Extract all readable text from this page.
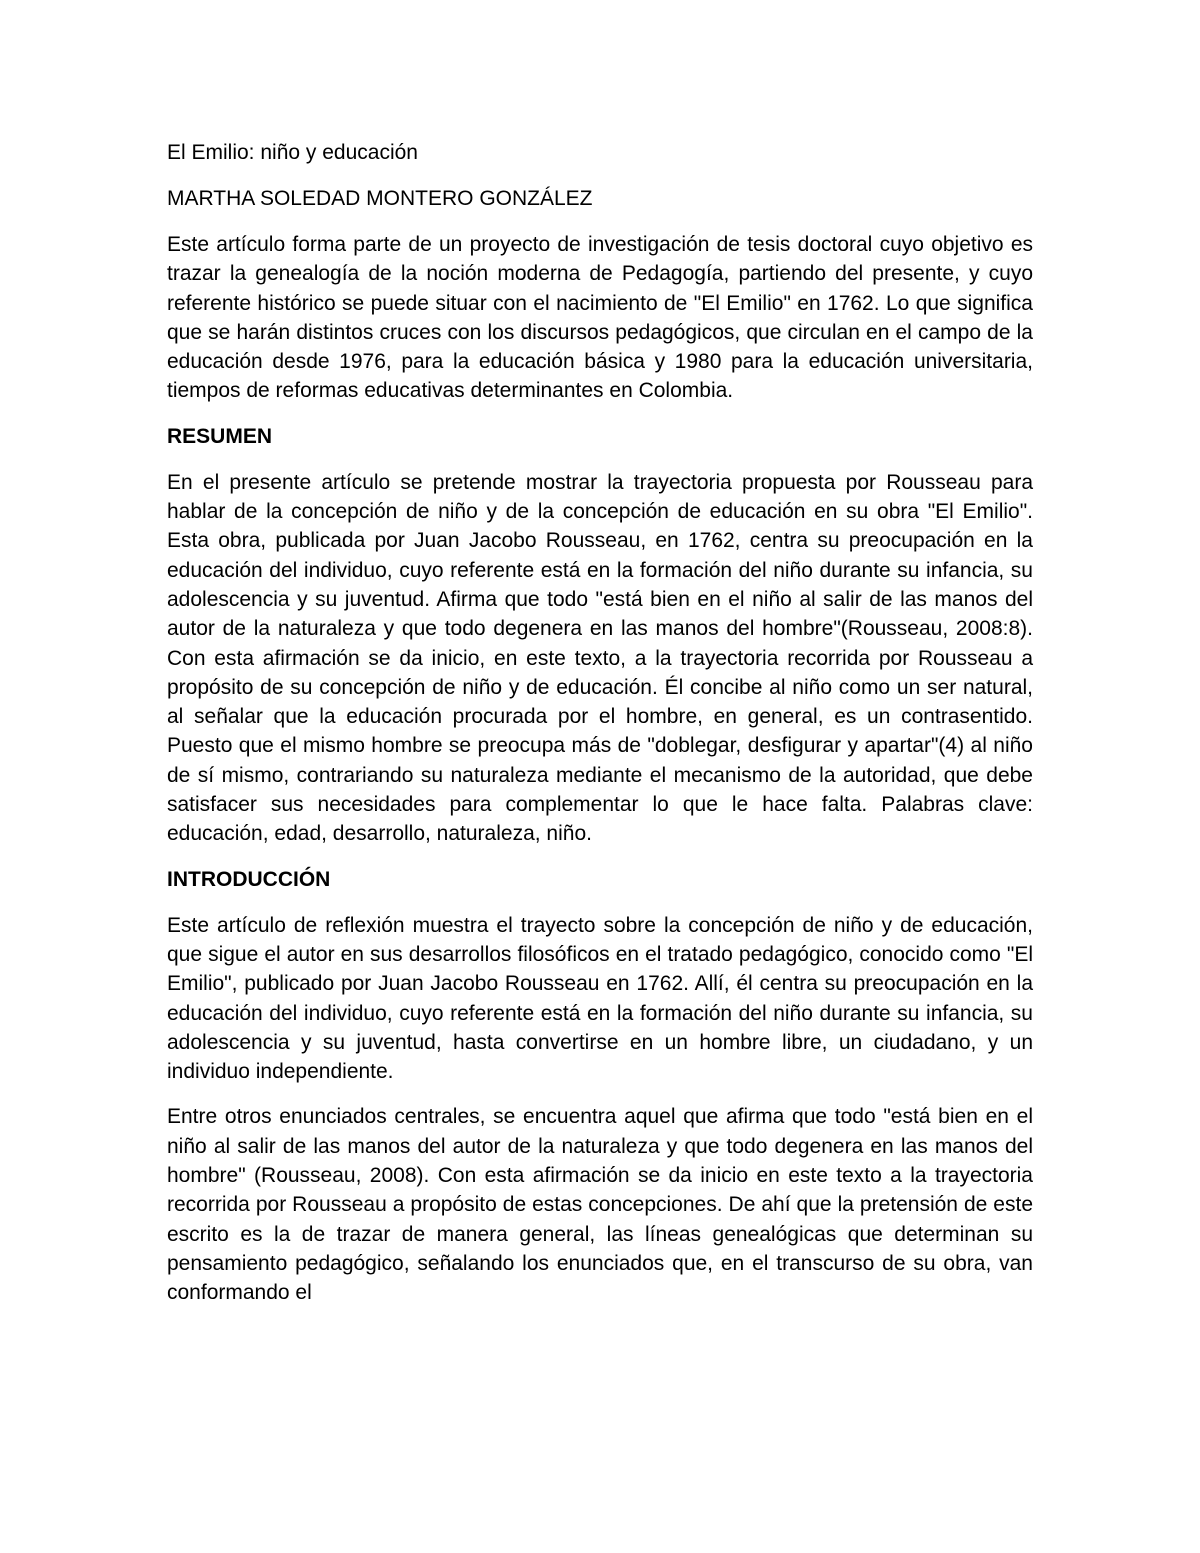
El Emilio: niño y educación

MARTHA SOLEDAD MONTERO GONZÁLEZ

Este artículo forma parte de un proyecto de investigación de tesis doctoral cuyo objetivo es trazar la genealogía de la noción moderna de Pedagogía, partiendo del presente, y cuyo referente histórico se puede situar con el nacimiento de "El Emilio" en 1762. Lo que significa que se harán distintos cruces con los discursos pedagógicos, que circulan en el campo de la educación desde 1976, para la educación básica y 1980 para la educación universitaria, tiempos de reformas educativas determinantes en Colombia.

RESUMEN

En el presente artículo se pretende mostrar la trayectoria propuesta por Rousseau para hablar de la concepción de niño y de la concepción de educación en su obra "El Emilio". Esta obra, publicada por Juan Jacobo Rousseau, en 1762, centra su preocupación en la educación del individuo, cuyo referente está en la formación del niño durante su infancia, su adolescencia y su juventud. Afirma que todo "está bien en el niño al salir de las manos del autor de la naturaleza y que todo degenera en las manos del hombre"(Rousseau, 2008:8). Con esta afirmación se da inicio, en este texto, a la trayectoria recorrida por Rousseau a propósito de su concepción de niño y de educación. Él concibe al niño como un ser natural, al señalar que la educación procurada por el hombre, en general, es un contrasentido. Puesto que el mismo hombre se preocupa más de "doblegar, desfigurar y apartar"(4) al niño de sí mismo, contrariando su naturaleza mediante el mecanismo de la autoridad, que debe satisfacer sus necesidades para complementar lo que le hace falta. Palabras clave: educación, edad, desarrollo, naturaleza, niño.

INTRODUCCIÓN

Este artículo de reflexión muestra el trayecto sobre la concepción de niño y de educación, que sigue el autor en sus desarrollos filosóficos en el tratado pedagógico, conocido como "El Emilio", publicado por Juan Jacobo Rousseau en 1762. Allí, él centra su preocupación en la educación del individuo, cuyo referente está en la formación del niño durante su infancia, su adolescencia y su juventud, hasta convertirse en un hombre libre, un ciudadano, y un individuo independiente.

Entre otros enunciados centrales, se encuentra aquel que afirma que todo "está bien en el niño al salir de las manos del autor de la naturaleza y que todo degenera en las manos del hombre" (Rousseau, 2008). Con esta afirmación se da inicio en este texto a la trayectoria recorrida por Rousseau a propósito de estas concepciones. De ahí que la pretensión de este escrito es la de trazar de manera general, las líneas genealógicas que determinan su pensamiento pedagógico, señalando los enunciados que, en el transcurso de su obra, van conformando el
